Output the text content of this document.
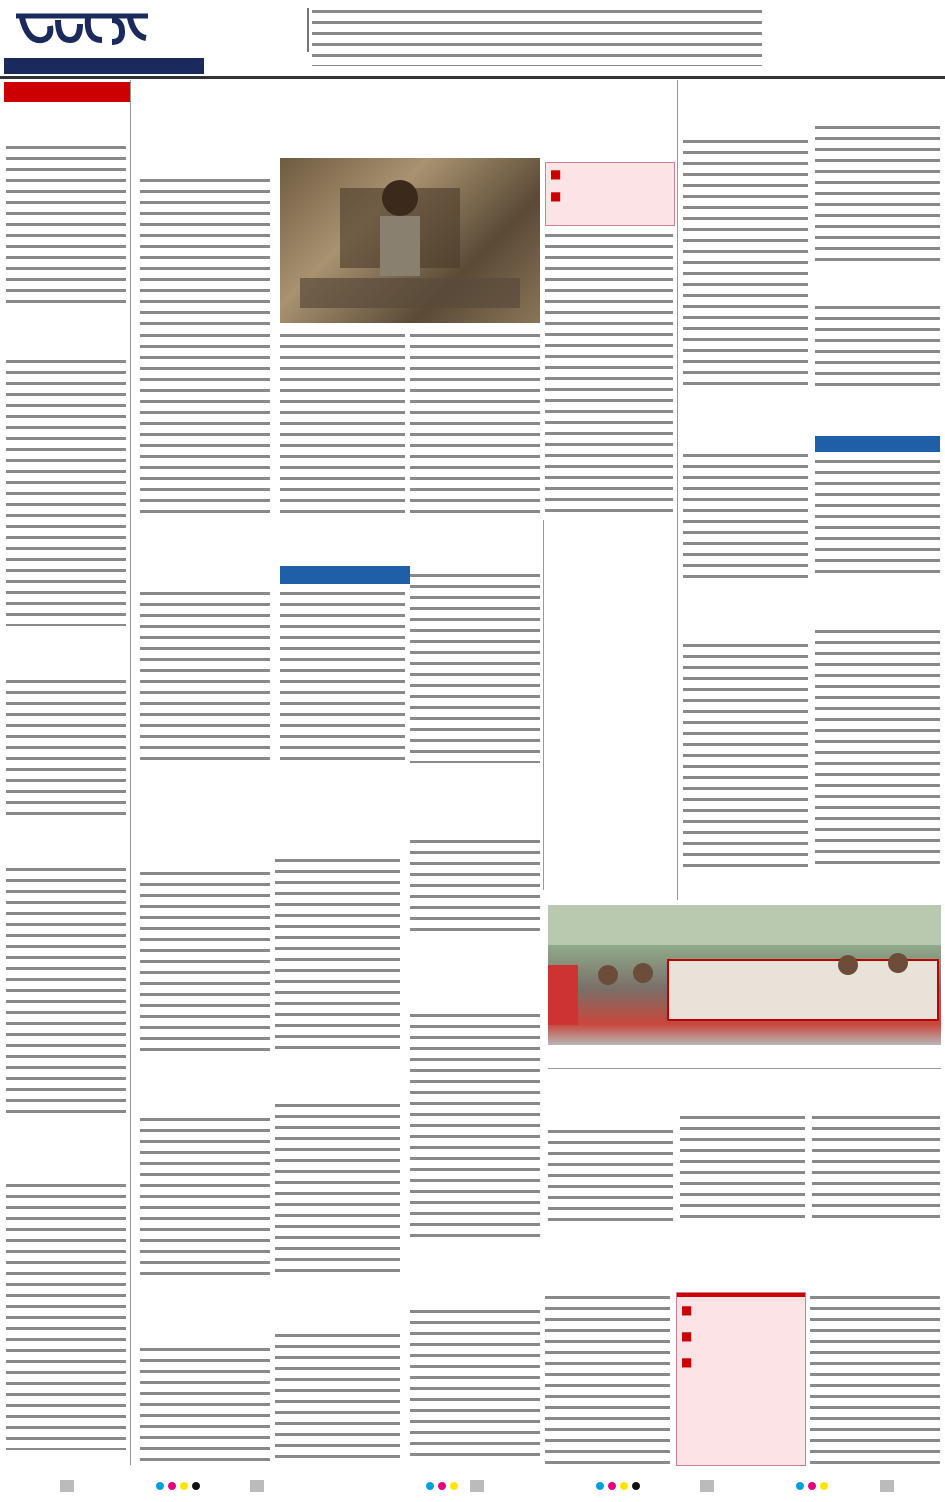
■
■
■
■
■
